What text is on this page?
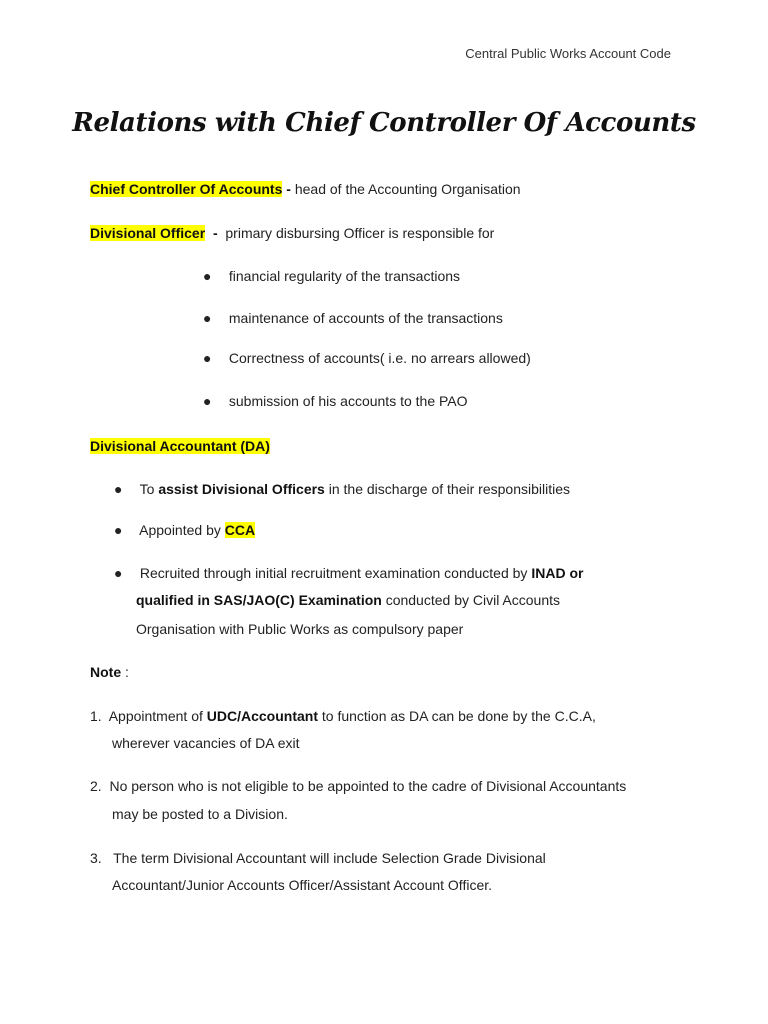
Central Public Works Account Code
Relations with Chief Controller Of Accounts
Chief Controller Of Accounts - head of the Accounting Organisation
Divisional Officer - primary disbursing Officer is responsible for
● financial regularity of the transactions
● maintenance of accounts of the transactions
● Correctness of accounts( i.e. no arrears allowed)
● submission of his accounts to the PAO
Divisional Accountant (DA)
● To assist Divisional Officers in the discharge of their responsibilities
● Appointed by CCA
● Recruited through initial recruitment examination conducted by INAD or
qualified in SAS/JAO(C) Examination conducted by Civil Accounts
Organisation with Public Works as compulsory paper
Note :
1. Appointment of UDC/Accountant to function as DA can be done by the C.C.A,
wherever vacancies of DA exit
2. No person who is not eligible to be appointed to the cadre of Divisional Accountants
may be posted to a Division.
3. The term Divisional Accountant will include Selection Grade Divisional
Accountant/Junior Accounts Officer/Assistant Account Officer.
